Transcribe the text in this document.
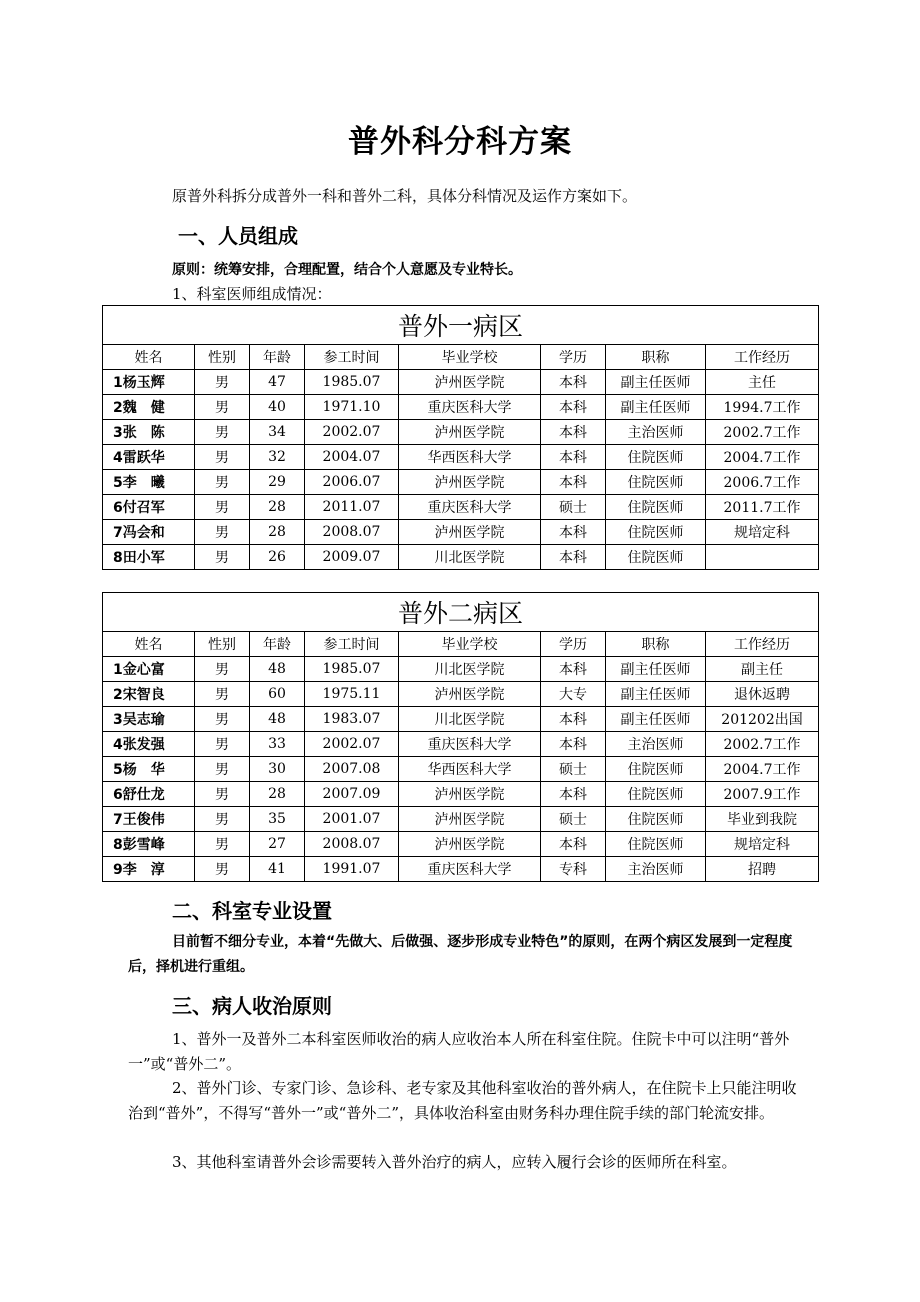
普外科分科方案
原普外科拆分成普外一科和普外二科，具体分科情况及运作方案如下。
一、人员组成
原则：统筹安排，合理配置，结合个人意愿及专业特长。
1、科室医师组成情况：
普外一病区							
姓名	性别	年龄	参工时间	毕业学校	学历	职称	工作经历
1杨玉辉	男	47	1985.07	泸州医学院	本科	副主任医师	主任
2魏　健	男	40	1971.10	重庆医科大学	本科	副主任医师	1994.7工作
3张　陈	男	34	2002.07	泸州医学院	本科	主治医师	2002.7工作
4雷跃华	男	32	2004.07	华西医科大学	本科	住院医师	2004.7工作
5李　曦	男	29	2006.07	泸州医学院	本科	住院医师	2006.7工作
6付召军	男	28	2011.07	重庆医科大学	硕士	住院医师	2011.7工作
7冯会和	男	28	2008.07	泸州医学院	本科	住院医师	规培定科
8田小军	男	26	2009.07	川北医学院	本科	住院医师	
普外二病区							
姓名	性别	年龄	参工时间	毕业学校	学历	职称	工作经历
1金心富	男	48	1985.07	川北医学院	本科	副主任医师	副主任
2宋智良	男	60	1975.11	泸州医学院	大专	副主任医师	退休返聘
3吴志瑜	男	48	1983.07	川北医学院	本科	副主任医师	201202出国
4张发强	男	33	2002.07	重庆医科大学	本科	主治医师	2002.7工作
5杨　华	男	30	2007.08	华西医科大学	硕士	住院医师	2004.7工作
6舒仕龙	男	28	2007.09	泸州医学院	本科	住院医师	2007.9工作
7王俊伟	男	35	2001.07	泸州医学院	硕士	住院医师	毕业到我院
8彭雪峰	男	27	2008.07	泸州医学院	本科	住院医师	规培定科
9李　淳	男	41	1991.07	重庆医科大学	专科	主治医师	招聘
二、科室专业设置
目前暂不细分专业，本着“先做大、后做强、逐步形成专业特色”的原则，在两个病区发展到一定程度后，择机进行重组。
三、病人收治原则
1、普外一及普外二本科室医师收治的病人应收治本人所在科室住院。住院卡中可以注明“普外一”或“普外二”。
2、普外门诊、专家门诊、急诊科、老专家及其他科室收治的普外病人，在住院卡上只能注明收治到“普外”，不得写“普外一”或“普外二”，具体收治科室由财务科办理住院手续的部门轮流安排。
3、其他科室请普外会诊需要转入普外治疗的病人，应转入履行会诊的医师所在科室。
